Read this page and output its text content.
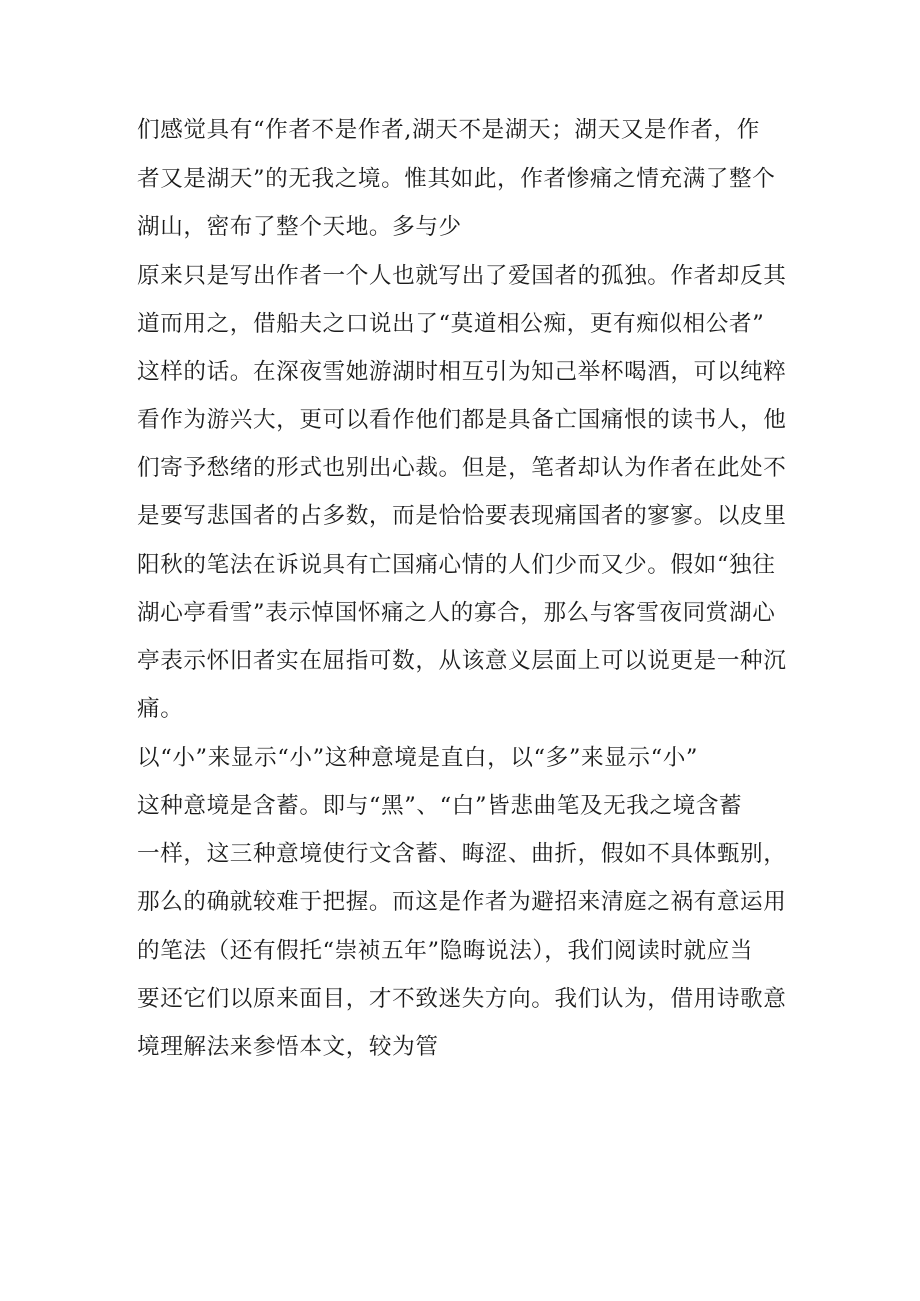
们感觉具有“作者不是作者,湖天不是湖天；湖天又是作者，作
者又是湖天”的无我之境。惟其如此，作者惨痛之情充满了整个
湖山，密布了整个天地。多与少
原来只是写出作者一个人也就写出了爱国者的孤独。作者却反其
道而用之，借船夫之口说出了“莫道相公痴，更有痴似相公者”
这样的话。在深夜雪她游湖时相互引为知己举杯喝酒，可以纯粹
看作为游兴大，更可以看作他们都是具备亡国痛恨的读书人，他
们寄予愁绪的形式也别出心裁。但是，笔者却认为作者在此处不
是要写悲国者的占多数，而是恰恰要表现痛国者的寥寥。以皮里
阳秋的笔法在诉说具有亡国痛心情的人们少而又少。假如“独往
湖心亭看雪”表示悼国怀痛之人的寡合，那么与客雪夜同赏湖心
亭表示怀旧者实在屈指可数，从该意义层面上可以说更是一种沉
痛。
以“小”来显示“小”这种意境是直白，以“多”来显示“小”
这种意境是含蓄。即与“黑”、“白”皆悲曲笔及无我之境含蓄
一样，这三种意境使行文含蓄、晦涩、曲折，假如不具体甄别，
那么的确就较难于把握。而这是作者为避招来清庭之祸有意运用
的笔法（还有假托“崇祯五年”隐晦说法），我们阅读时就应当
要还它们以原来面目，才不致迷失方向。我们认为，借用诗歌意
境理解法来参悟本文，较为管
